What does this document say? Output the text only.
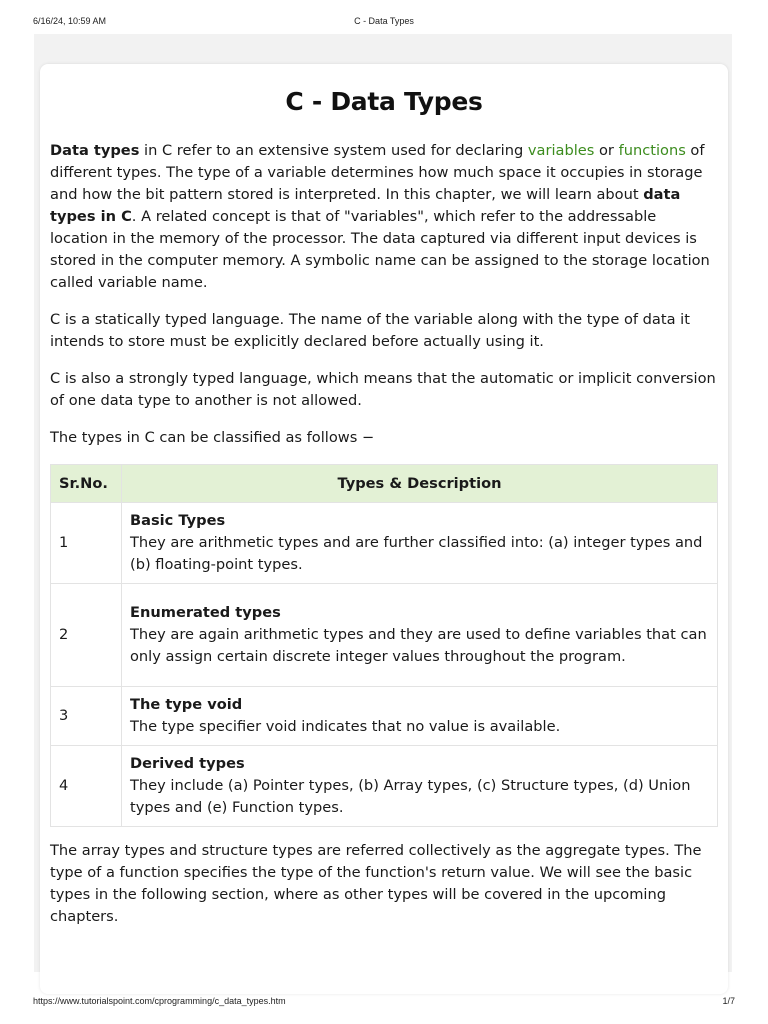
6/16/24, 10:59 AM	C - Data Types
C - Data Types

Data types in C refer to an extensive system used for declaring variables or functions of different types. The type of a variable determines how much space it occupies in storage and how the bit pattern stored is interpreted. In this chapter, we will learn about data types in C. A related concept is that of "variables", which refer to the addressable location in the memory of the processor. The data captured via different input devices is stored in the computer memory. A symbolic name can be assigned to the storage location called variable name.

C is a statically typed language. The name of the variable along with the type of data it intends to store must be explicitly declared before actually using it.

C is also a strongly typed language, which means that the automatic or implicit conversion of one data type to another is not allowed.

The types in C can be classified as follows −

Sr.No.	Types & Description
1	Basic Types
They are arithmetic types and are further classified into: (a) integer types and (b) floating-point types.
2	Enumerated types
They are again arithmetic types and they are used to define variables that can only assign certain discrete integer values throughout the program.
3	The type void
The type specifier void indicates that no value is available.
4	Derived types
They include (a) Pointer types, (b) Array types, (c) Structure types, (d) Union types and (e) Function types.

The array types and structure types are referred collectively as the aggregate types. The type of a function specifies the type of the function's return value. We will see the basic types in the following section, where as other types will be covered in the upcoming chapters.

https://www.tutorialspoint.com/cprogramming/c_data_types.htm	1/7
